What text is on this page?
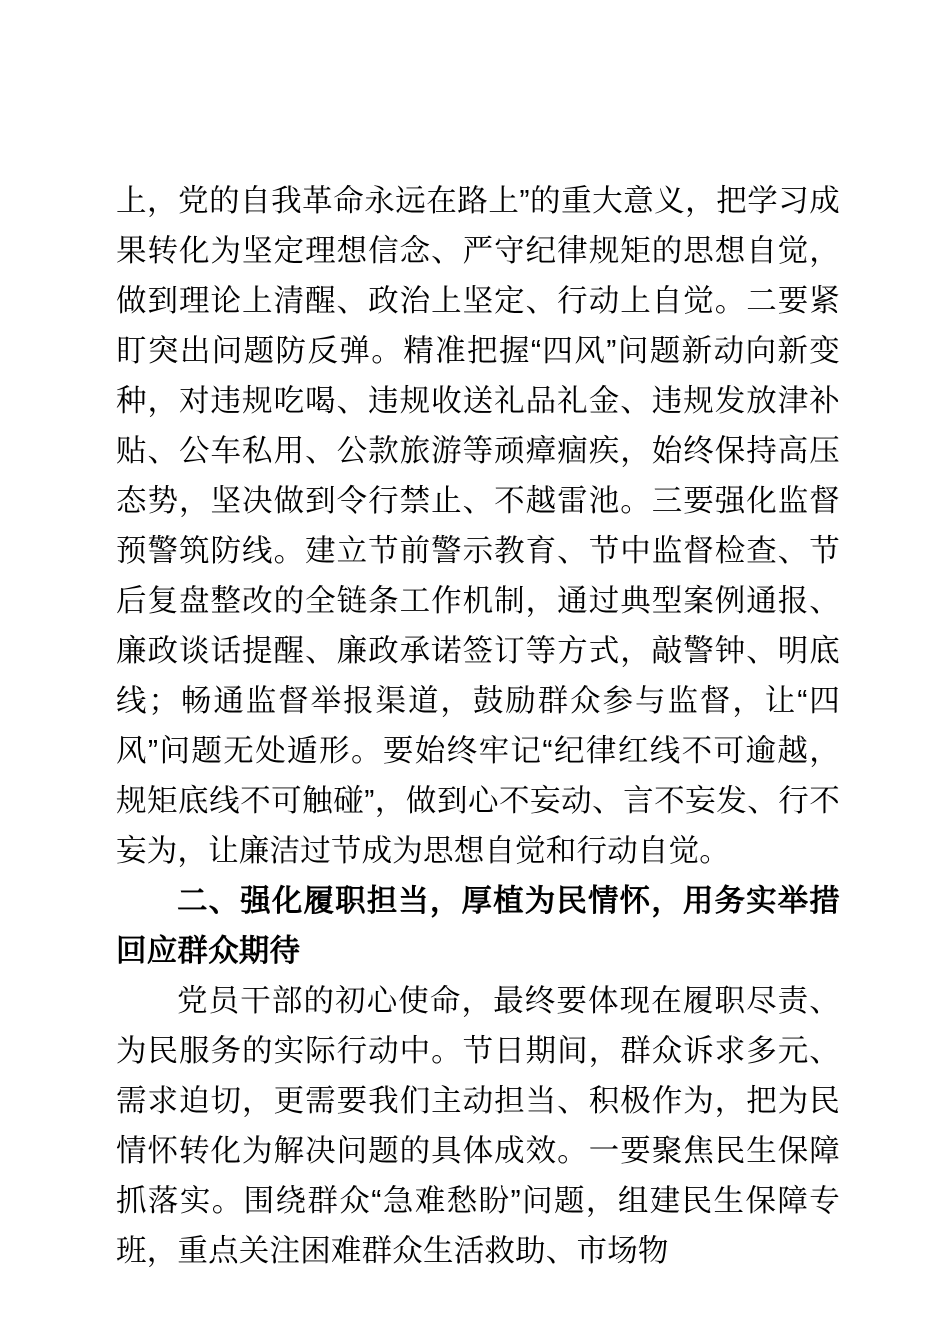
上，党的自我革命永远在路上”的重大意义，把学习成果转化为坚定理想信念、严守纪律规矩的思想自觉，做到理论上清醒、政治上坚定、行动上自觉。二要紧盯突出问题防反弹。精准把握“四风”问题新动向新变种，对违规吃喝、违规收送礼品礼金、违规发放津补贴、公车私用、公款旅游等顽瘴痼疾，始终保持高压态势，坚决做到令行禁止、不越雷池。三要强化监督预警筑防线。建立节前警示教育、节中监督检查、节后复盘整改的全链条工作机制，通过典型案例通报、廉政谈话提醒、廉政承诺签订等方式，敲警钟、明底线；畅通监督举报渠道，鼓励群众参与监督，让“四风”问题无处遁形。要始终牢记“纪律红线不可逾越，规矩底线不可触碰”，做到心不妄动、言不妄发、行不妄为，让廉洁过节成为思想自觉和行动自觉。

二、强化履职担当，厚植为民情怀，用务实举措回应群众期待

党员干部的初心使命，最终要体现在履职尽责、为民服务的实际行动中。节日期间，群众诉求多元、需求迫切，更需要我们主动担当、积极作为，把为民情怀转化为解决问题的具体成效。一要聚焦民生保障抓落实。围绕群众“急难愁盼”问题，组建民生保障专班，重点关注困难群众生活救助、市场物
